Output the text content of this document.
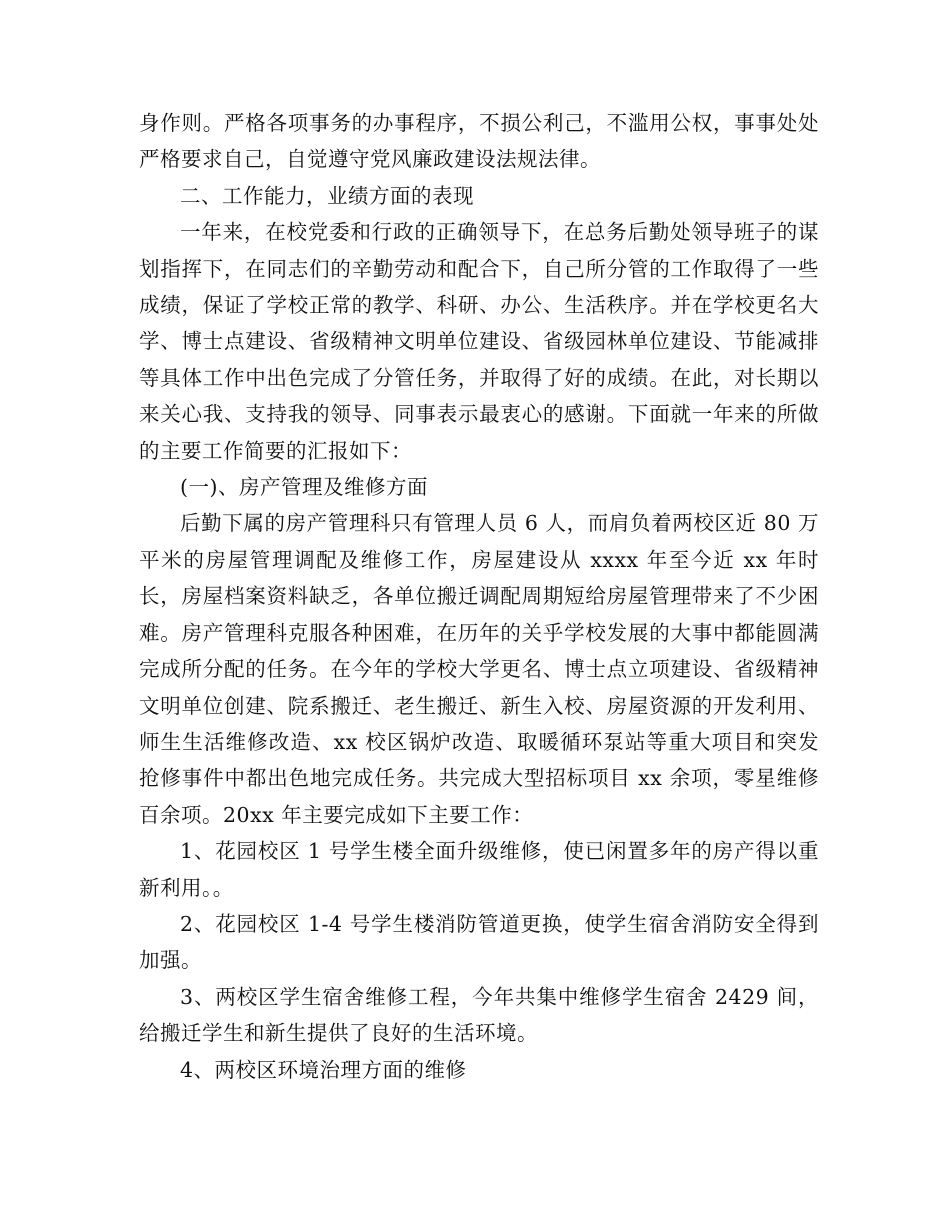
身作则。严格各项事务的办事程序，不损公利己，不滥用公权，事事处处严格要求自己，自觉遵守党风廉政建设法规法律。

二、工作能力，业绩方面的表现

一年来，在校党委和行政的正确领导下，在总务后勤处领导班子的谋划指挥下，在同志们的辛勤劳动和配合下，自己所分管的工作取得了一些成绩，保证了学校正常的教学、科研、办公、生活秩序。并在学校更名大学、博士点建设、省级精神文明单位建设、省级园林单位建设、节能减排等具体工作中出色完成了分管任务，并取得了好的成绩。在此，对长期以来关心我、支持我的领导、同事表示最衷心的感谢。下面就一年来的所做的主要工作简要的汇报如下：

(一)、房产管理及维修方面

后勤下属的房产管理科只有管理人员 6 人，而肩负着两校区近 80 万平米的房屋管理调配及维修工作，房屋建设从 xxxx 年至今近 xx 年时长，房屋档案资料缺乏，各单位搬迁调配周期短给房屋管理带来了不少困难。房产管理科克服各种困难，在历年的关乎学校发展的大事中都能圆满完成所分配的任务。在今年的学校大学更名、博士点立项建设、省级精神文明单位创建、院系搬迁、老生搬迁、新生入校、房屋资源的开发利用、师生生活维修改造、xx 校区锅炉改造、取暖循环泵站等重大项目和突发抢修事件中都出色地完成任务。共完成大型招标项目 xx 余项，零星维修百余项。20xx 年主要完成如下主要工作：

1、花园校区 1 号学生楼全面升级维修，使已闲置多年的房产得以重新利用。。

2、花园校区 1-4 号学生楼消防管道更换，使学生宿舍消防安全得到加强。

3、两校区学生宿舍维修工程，今年共集中维修学生宿舍 2429 间，给搬迁学生和新生提供了良好的生活环境。

4、两校区环境治理方面的维修
